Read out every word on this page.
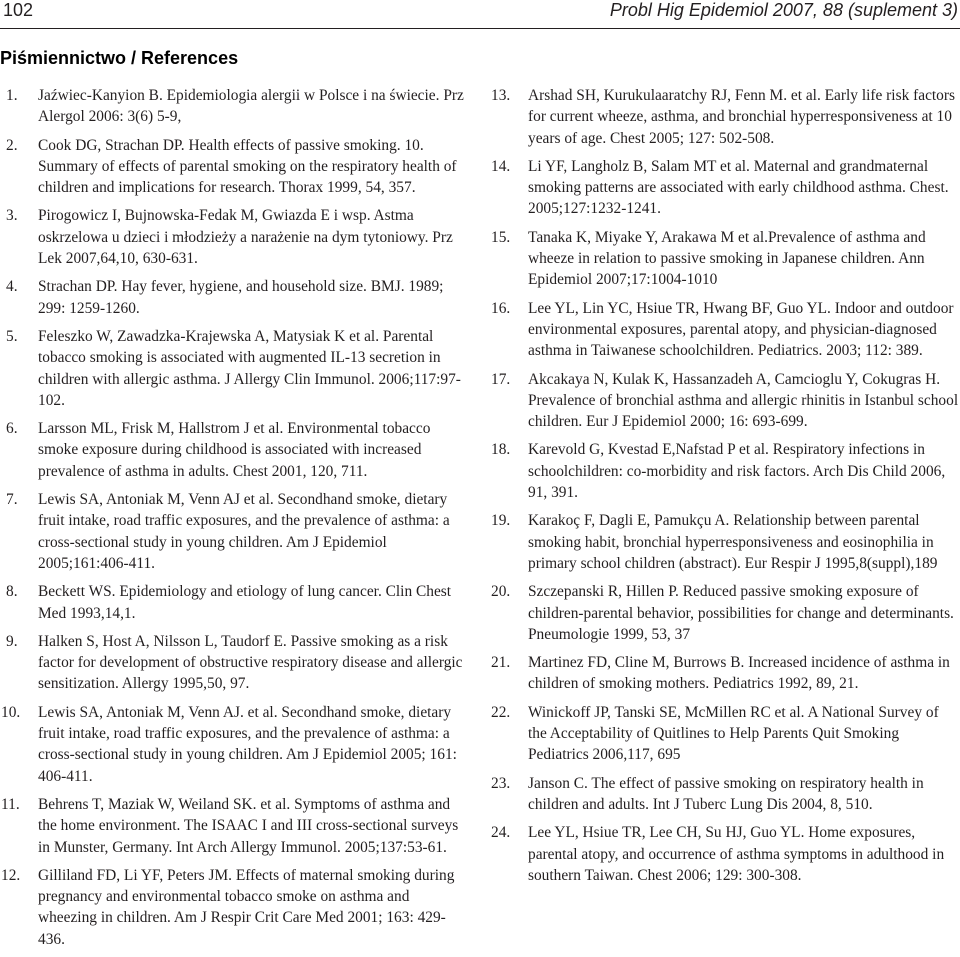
102	Probl Hig Epidemiol 2007, 88 (suplement 3)
Piśmiennictwo / References
1. Jaźwiec-Kanyion B. Epidemiologia alergii w Polsce i na świecie. Prz Alergol 2006: 3(6) 5-9,
2. Cook DG, Strachan DP. Health effects of passive smoking. 10. Summary of effects of parental smoking on the respiratory health of children and implications for research. Thorax 1999, 54, 357.
3. Pirogowicz I, Bujnowska-Fedak M, Gwiazda E i wsp. Astma oskrzelowa u dzieci i młodzieży a narażenie na dym tytoniowy. Prz Lek 2007,64,10, 630-631.
4. Strachan DP. Hay fever, hygiene, and household size. BMJ. 1989; 299: 1259-1260.
5. Feleszko W, Zawadzka-Krajewska A, Matysiak K et al. Parental tobacco smoking is associated with augmented IL-13 secretion in children with allergic asthma. J Allergy Clin Immunol. 2006;117:97-102.
6. Larsson ML, Frisk M, Hallstrom J et al. Environmental tobacco smoke exposure during childhood is associated with increased prevalence of asthma in adults. Chest 2001, 120, 711.
7. Lewis SA, Antoniak M, Venn AJ et al. Secondhand smoke, dietary fruit intake, road traffic exposures, and the prevalence of asthma: a cross-sectional study in young children. Am J Epidemiol 2005;161:406-411.
8. Beckett WS. Epidemiology and etiology of lung cancer. Clin Chest Med 1993,14,1.
9. Halken S, Host A, Nilsson L, Taudorf E. Passive smoking as a risk factor for development of obstructive respiratory disease and allergic sensitization. Allergy 1995,50, 97.
10. Lewis SA, Antoniak M, Venn AJ. et al. Secondhand smoke, dietary fruit intake, road traffic exposures, and the prevalence of asthma: a cross-sectional study in young children. Am J Epidemiol 2005; 161: 406-411.
11. Behrens T, Maziak W, Weiland SK. et al. Symptoms of asthma and the home environment. The ISAAC I and III cross-sectional surveys in Munster, Germany. Int Arch Allergy Immunol. 2005;137:53-61.
12. Gilliland FD, Li YF, Peters JM. Effects of maternal smoking during pregnancy and environmental tobacco smoke on asthma and wheezing in children. Am J Respir Crit Care Med 2001; 163: 429-436.
13. Arshad SH, Kurukulaaratchy RJ, Fenn M. et al. Early life risk factors for current wheeze, asthma, and bronchial hyperresponsiveness at 10 years of age. Chest 2005; 127: 502-508.
14. Li YF, Langholz B, Salam MT et al. Maternal and grandmaternal smoking patterns are associated with early childhood asthma. Chest. 2005;127:1232-1241.
15. Tanaka K, Miyake Y, Arakawa M et al.Prevalence of asthma and wheeze in relation to passive smoking in Japanese children. Ann Epidemiol 2007;17:1004-1010
16. Lee YL, Lin YC, Hsiue TR, Hwang BF, Guo YL. Indoor and outdoor environmental exposures, parental atopy, and physician-diagnosed asthma in Taiwanese schoolchildren. Pediatrics. 2003; 112: 389.
17. Akcakaya N, Kulak K, Hassanzadeh A, Camcioglu Y, Cokugras H. Prevalence of bronchial asthma and allergic rhinitis in Istanbul school children. Eur J Epidemiol 2000; 16: 693-699.
18. Karevold G, Kvestad E,Nafstad P et al. Respiratory infections in schoolchildren: co-morbidity and risk factors. Arch Dis Child 2006, 91, 391.
19. Karakoç F, Dagli E, Pamukçu A. Relationship between parental smoking habit, bronchial hyperresponsiveness and eosinophilia in primary school children (abstract). Eur Respir J 1995,8(suppl),189
20. Szczepanski R, Hillen P. Reduced passive smoking exposure of children-parental behavior, possibilities for change and determinants. Pneumologie 1999, 53, 37
21. Martinez FD, Cline M, Burrows B. Increased incidence of asthma in children of smoking mothers. Pediatrics 1992, 89, 21.
22. Winickoff JP, Tanski SE, McMillen RC et al. A National Survey of the Acceptability of Quitlines to Help Parents Quit Smoking Pediatrics 2006,117, 695
23. Janson C. The effect of passive smoking on respiratory health in children and adults. Int J Tuberc Lung Dis 2004, 8, 510.
24. Lee YL, Hsiue TR, Lee CH, Su HJ, Guo YL. Home exposures, parental atopy, and occurrence of asthma symptoms in adulthood in southern Taiwan. Chest 2006; 129: 300-308.
